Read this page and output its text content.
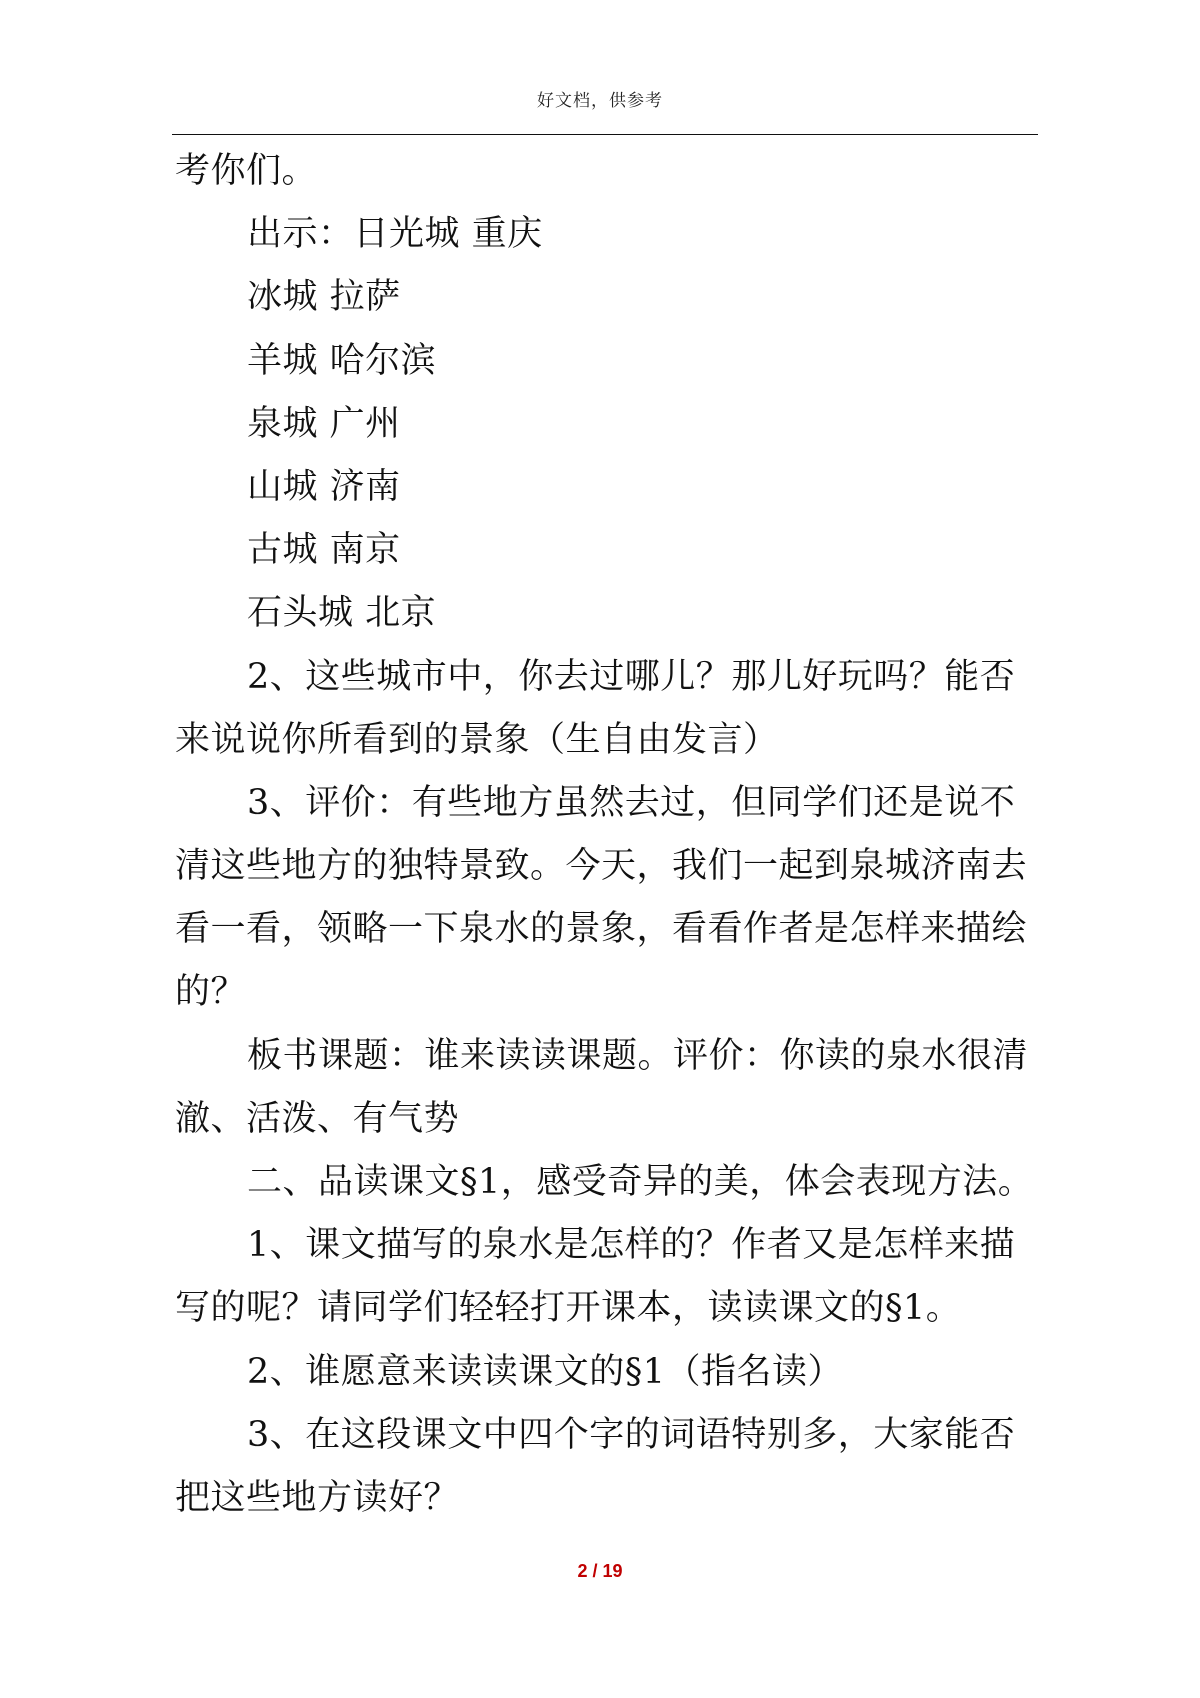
好文档，供参考
考你们。
出示：日光城 重庆
冰城 拉萨
羊城 哈尔滨
泉城 广州
山城 济南
古城 南京
石头城 北京
2、这些城市中，你去过哪儿？那儿好玩吗？能否
来说说你所看到的景象（生自由发言）
3、评价：有些地方虽然去过，但同学们还是说不
清这些地方的独特景致。今天，我们一起到泉城济南去
看一看，领略一下泉水的景象，看看作者是怎样来描绘
的？
板书课题：谁来读读课题。评价：你读的泉水很清
澈、活泼、有气势
二、品读课文§1，感受奇异的美，体会表现方法。
1、课文描写的泉水是怎样的？作者又是怎样来描
写的呢？请同学们轻轻打开课本，读读课文的§1。
2、谁愿意来读读课文的§1（指名读）
3、在这段课文中四个字的词语特别多，大家能否
把这些地方读好？
2 / 19
